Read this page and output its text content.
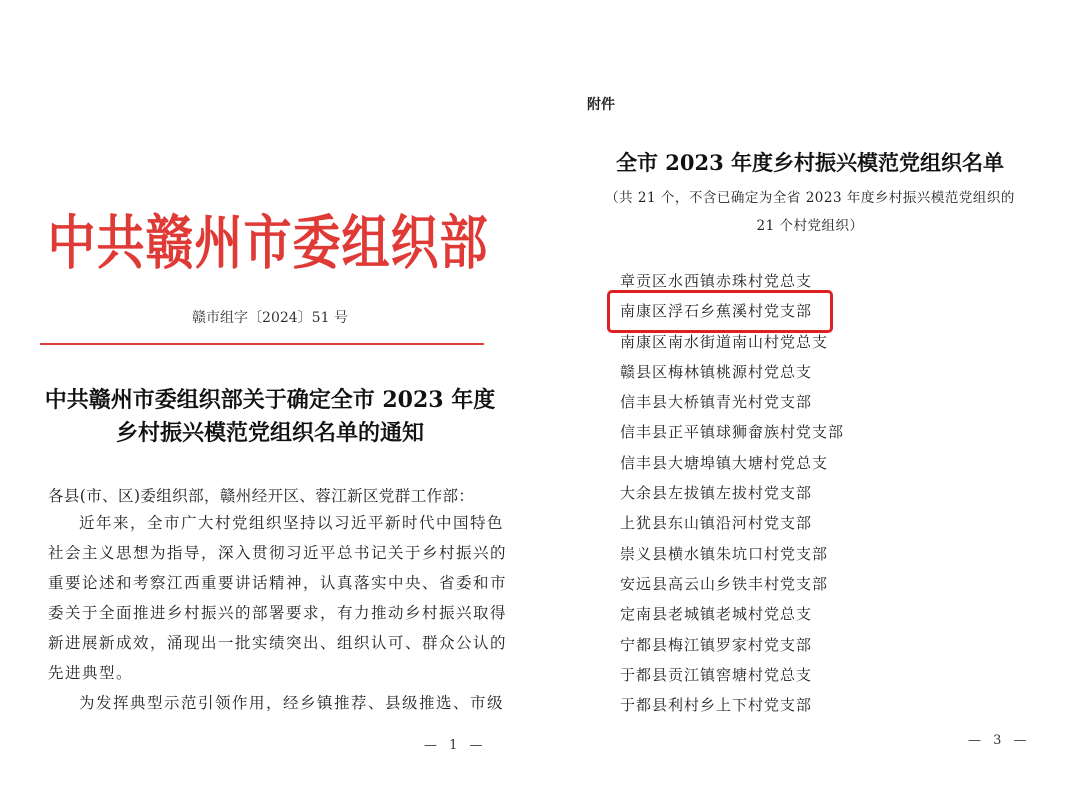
中共赣州市委组织部
赣市组字〔2024〕51 号
中共赣州市委组织部关于确定全市 2023 年度
乡村振兴模范党组织名单的通知
各县(市、区)委组织部，赣州经开区、蓉江新区党群工作部：
近年来，全市广大村党组织坚持以习近平新时代中国特色
社会主义思想为指导，深入贯彻习近平总书记关于乡村振兴的
重要论述和考察江西重要讲话精神，认真落实中央、省委和市
委关于全面推进乡村振兴的部署要求，有力推动乡村振兴取得
新进展新成效，涌现出一批实绩突出、组织认可、群众公认的
先进典型。
为发挥典型示范引领作用，经乡镇推荐、县级推选、市级
— 1 —
附件
全市 2023 年度乡村振兴模范党组织名单
（共 21 个，不含已确定为全省 2023 年度乡村振兴模范党组织的
21 个村党组织）
章贡区水西镇赤珠村党总支
南康区浮石乡蕉溪村党支部
南康区南水街道南山村党总支
赣县区梅林镇桃源村党总支
信丰县大桥镇青光村党支部
信丰县正平镇球狮畲族村党支部
信丰县大塘埠镇大塘村党总支
大余县左拔镇左拔村党支部
上犹县东山镇沿河村党支部
崇义县横水镇朱坑口村党支部
安远县高云山乡铁丰村党支部
定南县老城镇老城村党总支
宁都县梅江镇罗家村党支部
于都县贡江镇窖塘村党总支
于都县利村乡上下村党支部
— 3 —
